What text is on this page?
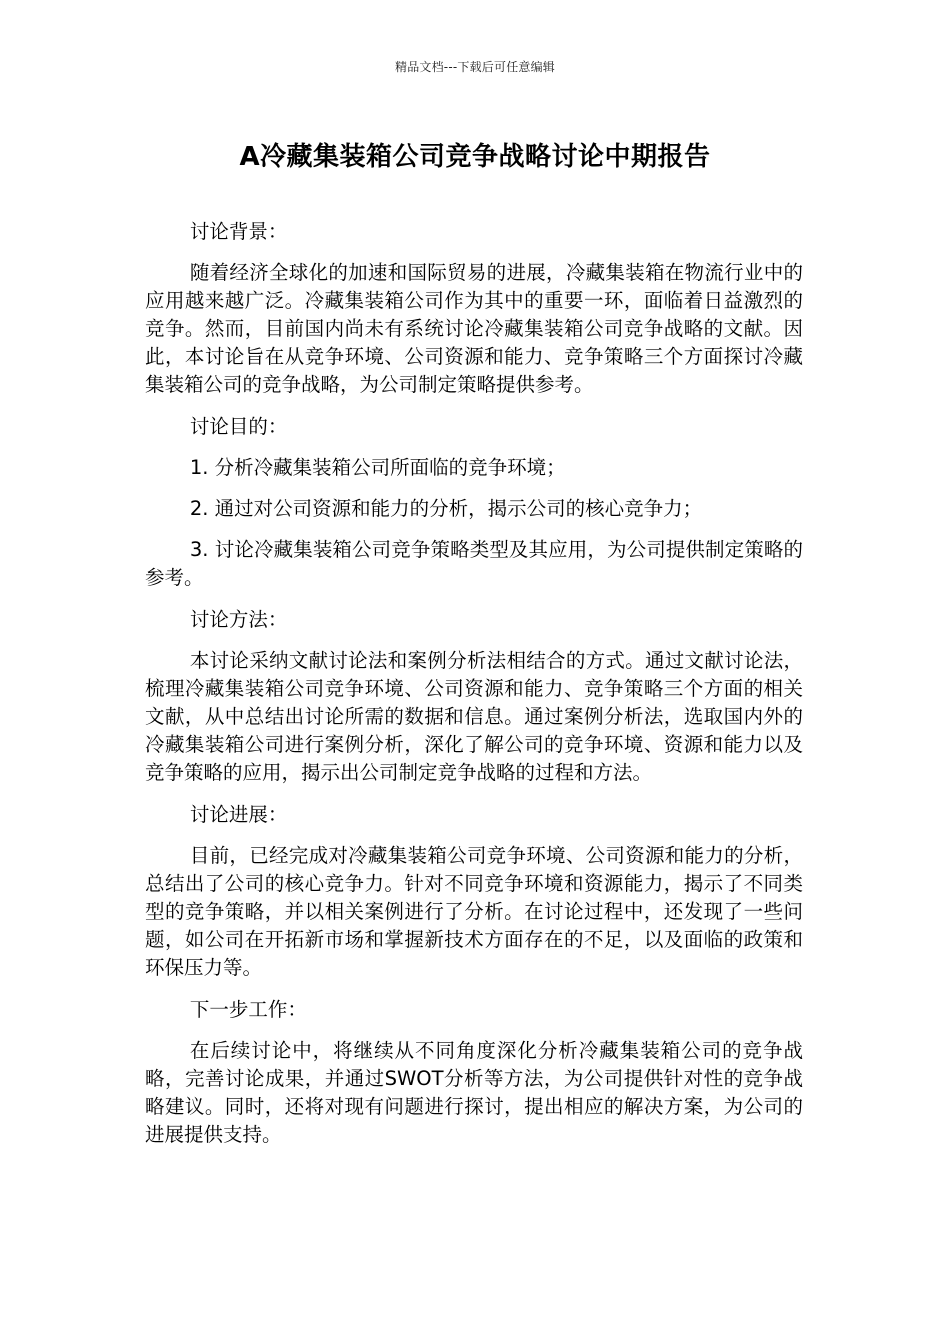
精品文档---下载后可任意编辑
A冷藏集装箱公司竞争战略讨论中期报告

讨论背景：

随着经济全球化的加速和国际贸易的进展，冷藏集装箱在物流行业中的应用越来越广泛。冷藏集装箱公司作为其中的重要一环，面临着日益激烈的竞争。然而，目前国内尚未有系统讨论冷藏集装箱公司竞争战略的文献。因此，本讨论旨在从竞争环境、公司资源和能力、竞争策略三个方面探讨冷藏集装箱公司的竞争战略，为公司制定策略提供参考。

讨论目的：

1. 分析冷藏集装箱公司所面临的竞争环境；

2. 通过对公司资源和能力的分析，揭示公司的核心竞争力；

3. 讨论冷藏集装箱公司竞争策略类型及其应用，为公司提供制定策略的参考。

讨论方法：

本讨论采纳文献讨论法和案例分析法相结合的方式。通过文献讨论法，梳理冷藏集装箱公司竞争环境、公司资源和能力、竞争策略三个方面的相关文献，从中总结出讨论所需的数据和信息。通过案例分析法，选取国内外的冷藏集装箱公司进行案例分析，深化了解公司的竞争环境、资源和能力以及竞争策略的应用，揭示出公司制定竞争战略的过程和方法。

讨论进展：

目前，已经完成对冷藏集装箱公司竞争环境、公司资源和能力的分析，总结出了公司的核心竞争力。针对不同竞争环境和资源能力，揭示了不同类型的竞争策略，并以相关案例进行了分析。在讨论过程中，还发现了一些问题，如公司在开拓新市场和掌握新技术方面存在的不足，以及面临的政策和环保压力等。

下一步工作：

在后续讨论中，将继续从不同角度深化分析冷藏集装箱公司的竞争战略，完善讨论成果，并通过SWOT分析等方法，为公司提供针对性的竞争战略建议。同时，还将对现有问题进行探讨，提出相应的解决方案，为公司的进展提供支持。
